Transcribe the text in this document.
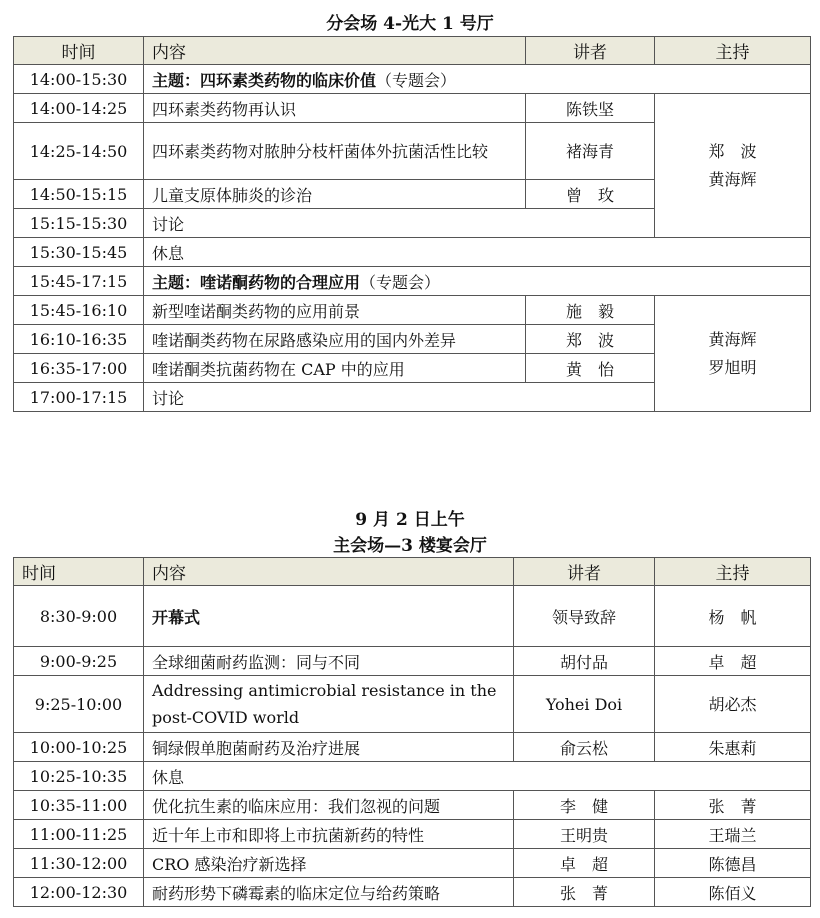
分会场 4-光大 1 号厅
时间	内容	讲者	主持
14:00-15:30	主题：四环素类药物的临床价值（专题会）		
14:00-14:25	四环素类药物再认识	陈铁坚	郑　波
黄海辉

14:25-14:50	四环素类药物对脓肿分枝杆菌体外抗菌活性比较	褚海青	
14:50-15:15	儿童支原体肺炎的诊治	曾　玫	
15:15-15:30	讨论		
15:30-15:45	休息		
15:45-17:15	主题：喹诺酮药物的合理应用（专题会）		
15:45-16:10	新型喹诺酮类药物的应用前景	施　毅	黄海辉
罗旭明

16:10-16:35	喹诺酮类药物在尿路感染应用的国内外差异	郑　波	
16:35-17:00	喹诺酮类抗菌药物在 CAP 中的应用	黄　怡	
17:00-17:15	讨论		
9 月 2 日上午
主会场—3 楼宴会厅
时间	内容	讲者	主持
8:30-9:00	开幕式	领导致辞	杨　帆
9:00-9:25	全球细菌耐药监测：同与不同	胡付品	卓　超
9:25-10:00	Addressing antimicrobial resistance in the post-COVID world	Yohei Doi	胡必杰
10:00-10:25	铜绿假单胞菌耐药及治疗进展	俞云松	朱惠莉
10:25-10:35	休息		
10:35-11:00	优化抗生素的临床应用：我们忽视的问题	李　健	张　菁
11:00-11:25	近十年上市和即将上市抗菌新药的特性	王明贵	王瑞兰
11:30-12:00	CRO 感染治疗新选择	卓　超	陈德昌
12:00-12:30	耐药形势下磷霉素的临床定位与给药策略	张　菁	陈佰义
